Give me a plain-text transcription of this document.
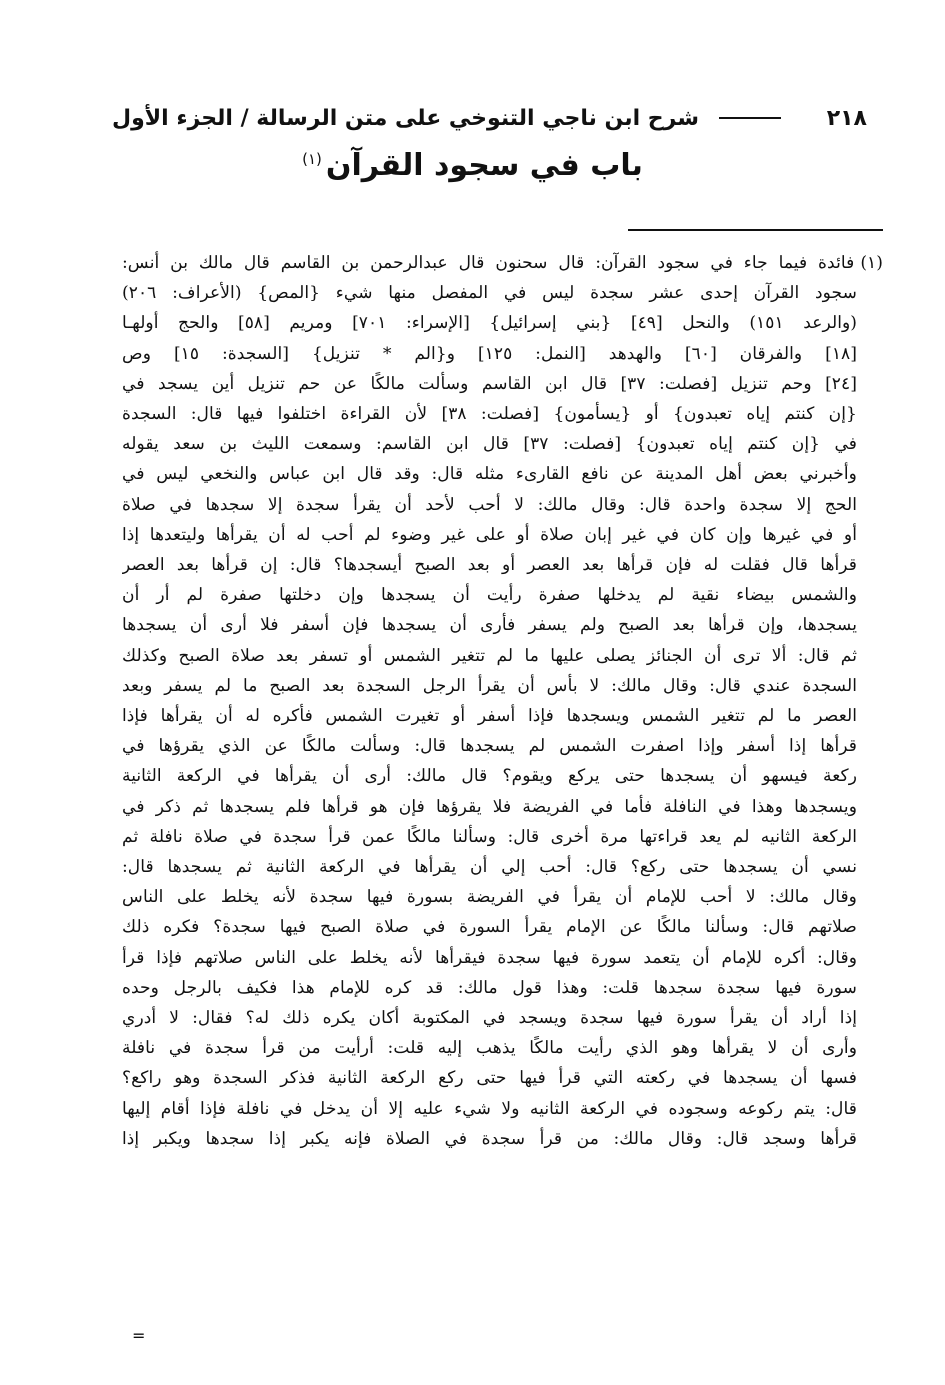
٢١٨
شرح ابن ناجي التنوخي على متن الرسالة / الجزء الأول
باب في سجود القرآن$^{(١)}$
(١)فائدة فيما جاء في سجود القرآن: قال سحنون قال عبدالرحمن بن القاسم قال مالك بن أنس:
سجود القرآن إحدى عشر سجدة ليس في المفصل منها شيء {المص} (الأعراف: ٢٠٦)
(والرعد ١٥١) والنحل [٤٩] {بني إسرائيل} [الإسراء: ٧٠١] ومريم [٥٨] والحج أولهـا
[١٨] والفرقان [٦٠] والهدهد [النمل: ١٢٥] و{الم * تنزيل} [السجدة: ١٥] وص
[٢٤] وحم تنزيل [فصلت: ٣٧] قال ابن القاسم وسألت مالكًا عن حم تنزيل أين يسجد في
{إن كنتم إياه تعبدون} أو {يسأمون} [فصلت: ٣٨] لأن القراءة اختلفوا فيها قال: السجدة
في {إن كنتم إياه تعبدون} [فصلت: ٣٧] قال ابن القاسم: وسمعت الليث بن سعد يقوله
وأخبرني بعض أهل المدينة عن نافع القارىء مثله قال: وقد قال ابن عباس والنخعي ليس في
الحج إلا سجدة واحدة قال: وقال مالك: لا أحب لأحد أن يقرأ سجدة إلا سجدها في صلاة
أو في غيرها وإن كان في غير إبان صلاة أو على غير وضوء لم أحب له أن يقرأها وليتعدها إذا
قرأها قال فقلت له فإن قرأها بعد العصر أو بعد الصبح أيسجدها؟ قال: إن قرأها بعد العصر
والشمس بيضاء نقية لم يدخلها صفرة رأيت أن يسجدها وإن دخلتها صفرة لم أر أن
يسجدها، وإن قرأها بعد الصبح ولم يسفر فأرى أن يسجدها فإن أسفر فلا أرى أن يسجدها
ثم قال: ألا ترى أن الجنائز يصلى عليها ما لم تتغير الشمس أو تسفر بعد صلاة الصبح وكذلك
السجدة عندي قال: وقال مالك: لا بأس أن يقرأ الرجل السجدة بعد الصبح ما لم يسفر وبعد
العصر ما لم تتغير الشمس ويسجدها فإذا أسفر أو تغيرت الشمس فأكره له أن يقرأها فإذا
قرأها إذا أسفر وإذا اصفرت الشمس لم يسجدها قال: وسألت مالكًا عن الذي يقرؤها في
ركعة فيسهو أن يسجدها حتى يركع ويقوم؟ قال مالك: أرى أن يقرأها في الركعة الثانية
ويسجدها وهذا في النافلة فأما في الفريضة فلا يقرؤها فإن هو قرأها فلم يسجدها ثم ذكر في
الركعة الثانيه لم يعد قراءتها مرة أخرى قال: وسألنا مالكًا عمن قرأ سجدة في صلاة نافلة ثم
نسي أن يسجدها حتى ركع؟ قال: أحب إلي أن يقرأها في الركعة الثانية ثم يسجدها قال:
وقال مالك: لا أحب للإمام أن يقرأ في الفريضة بسورة فيها سجدة لأنه يخلط على الناس
صلاتهم قال: وسألنا مالكًا عن الإمام يقرأ السورة في صلاة الصبح فيها سجدة؟ فكره ذلك
وقال: أكره للإمام أن يتعمد سورة فيها سجدة فيقرأها لأنه يخلط على الناس صلاتهم فإذا قرأ
سورة فيها سجدة سجدها قلت: وهذا قول مالك: قد كره للإمام هذا فكيف بالرجل وحده
إذا أراد أن يقرأ سورة فيها سجدة ويسجد في المكتوبة أكان يكره ذلك له؟ فقال: لا أدري
وأرى أن لا يقرأها وهو الذي رأيت مالكًا يذهب إليه قلت: أرأيت من قرأ سجدة في نافلة
فسها أن يسجدها في ركعته التي قرأ فيها حتى ركع الركعة الثانية فذكر السجدة وهو راكع؟
قال: يتم ركوعه وسجوده في الركعة الثانيه ولا شيء عليه إلا أن يدخل في نافلة فإذا أقام إليها
قرأها وسجد قال: وقال مالك: من قرأ سجدة في الصلاة فإنه يكبر إذا سجدها ويكبر إذا
=
